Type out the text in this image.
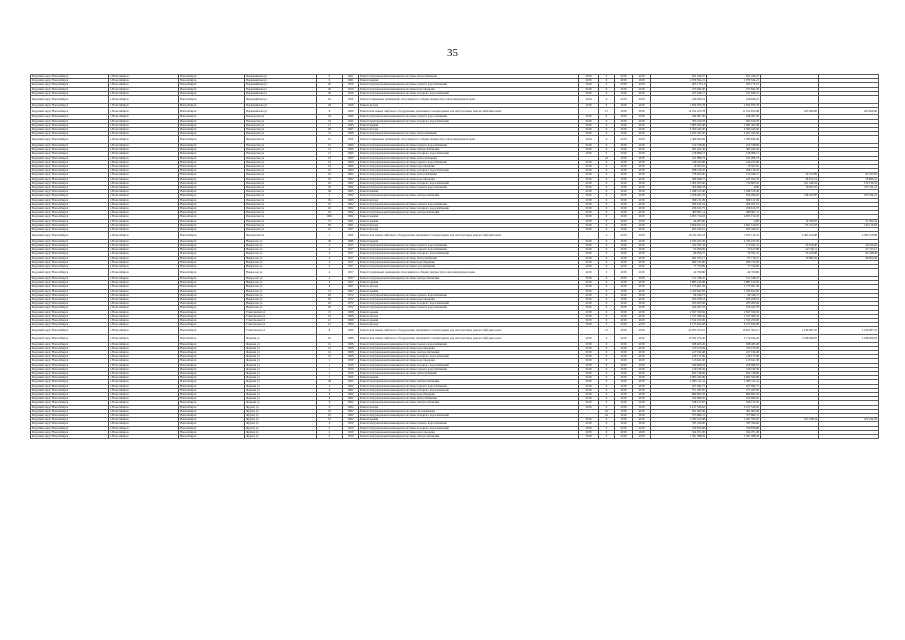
35
Бердский округ Новосибирск	г. Новосибирск	Новосибирск	Первомайская ул	9	1961	Ремонт внутридомовой инженерной системы теплоснабжения	2018	0	2018	2018	621 229,27	621 229,27		
Бердский округ Новосибирск	г. Новосибирск	Новосибирск	Первомайская ул	9	1961	Ремонт крыши	2018	0	2018	2018	1 970 324,21	1 970 324,21		
Бердский округ Новосибирск	г. Новосибирск	Новосибирск	Первомайская ул	20	1959	Ремонт внутридомовой инженерной системы горячего водоснабжения	2018	0	2018	2018	205 175,13	205 175,13		
Бердский округ Новосибирск	г. Новосибирск	Новосибирск	Первомайская ул	20	1959	Ремонт внутридомовой инженерной системы водоотведения	2018	0	2018	2018	275 842,30	275 842,30		
Бердский округ Новосибирск	г. Новосибирск	Новосибирск	Первомайская ул	20	1959	Ремонт внутридомовой инженерной системы холодного водоснабжения	2018	0	2018	2018	197 946,51	197 946,51		
Бердский округ Новосибирск	г. Новосибирск	Новосибирск	Первомайская ул	20	1959	Ремонт подвальных помещений, относящихся к общему имуществу в многоквартирном доме	2018	0	2018	2018	249 829,19	249 829,19		
Бердский округ Новосибирск	г. Новосибирск	Новосибирск	Первомайская ул	20	1959	Ремонт фасада	2018	0	2018	2018	1 832 955,78	1 832 955,78		
Бердский округ Новосибирск	г. Новосибирск	Новосибирск	Первомайская ул	6	1969	Ремонт или замена лифтового оборудования, признанного непригодным для эксплуатации, ремонт лифтовых шахт	-	2?	2018	2018	12 104 435,78	11 254 835,98	425 000,00	425 000,00
Бердский округ Новосибирск	г. Новосибирск	Новосибирск	Пионерская ул	24	1940	Ремонт внутридомовой инженерной системы горячего водоснабжения	2018	0	2018	2018	244 997,36	244 997,36		
Бердский округ Новосибирск	г. Новосибирск	Новосибирск	Пионерская ул	24	1940	Ремонт внутридомовой инженерной системы холодного водоснабжения	2018	0	2018	2018	395 910,78	395 910,78		
Бердский округ Новосибирск	г. Новосибирск	Новосибирск	Пионерская ул	17	1963	Ремонт крыши	2018	0	2018	2018	1 685 302,98	1 685 302,98		
Бердский округ Новосибирск	г. Новосибирск	Новосибирск	Пионерская ул	29	1967	Ремонт фасада	2018	0	2018	2018	2 360 445,96	2 360 445,96		
Бердский округ Новосибирск	г. Новосибирск	Новосибирск	Пионерская ул	31	1968	Ремонт внутридомовой инженерной системы теплоснабжения	2018	0	2018	2018	2 455 325,50	2 455 325,50		
Бердский округ Новосибирск	г. Новосибирск	Новосибирск	Пионерская ул	10	1959	Ремонт подвальных помещений, относящихся к общему имуществу в многоквартирном доме	2018	0	2018	2018	1 386 834,99	1 386 834,99		
Бердский округ Новосибирск	г. Новосибирск	Новосибирск	Пионерская ул	21	1960	Ремонт внутридомовой инженерной системы горячего водоснабжения	2018	0	2018	2018	215 728,99	215 728,99		
Бердский округ Новосибирск	г. Новосибирск	Новосибирск	Пионерская ул	21	1960	Ремонт внутридомовой инженерной системы электроснабжения	2018	0	2018	2018	365 422,36	365 422,36		
Бердский округ Новосибирск	г. Новосибирск	Новосибирск	Пионерская ул	21	1960	Ремонт внутридомовой инженерной системы холодного водоснабжения	2018	0	2018	2018	218 989,12	218 989,12		
Бердский округ Новосибирск	г. Новосибирск	Новосибирск	Пионерская ул	23	1960	Ремонт внутридомовой инженерной системы теплоснабжения	-	42	2018	2018	611 089,74	611 089,74		
Бердский округ Новосибирск	г. Новосибирск	Новосибирск	Пионерская ул	23	1960	Ремонт внутридомовой инженерной системы горячего водоснабжения	2018	0	2018	2018	146 225,66	146 225,66		
Бердский округ Новосибирск	г. Новосибирск	Новосибирск	Пионерская ул	23	1960	Ремонт внутридомовой инженерной системы водоотведения	2018	0	2018	2018	79 567,81	79 567,81		
Бердский округ Новосибирск	г. Новосибирск	Новосибирск	Пионерская ул	23	1960	Ремонт внутридомовой инженерной системы холодного водоснабжения	2018	0	2018	2018	208 156,70	208 156,70		
Бердский округ Новосибирск	г. Новосибирск	Новосибирск	Пионерская ул	45	1962	Ремонт внутридомовой инженерной системы теплоснабжения	2018	0	2018	2018	778 455,00	715 040,15	29 414,89	62 165,93
Бердский округ Новосибирск	г. Новосибирск	Новосибирск	Пионерская ул	45	1962	Ремонт внутридомовой инженерной системы водоотведения	2018	0	2018	2018	308 948,77	247 952,70	46 972,15	78 689,51
Бердский округ Новосибирск	г. Новосибирск	Новосибирск	Пионерская ул	45	1962	Ремонт внутридомовой инженерной системы холодного водоснабжения	2018	0	2018	2018	1 006 305,66	719 803,18	161 436,94	130 130,32
Бердский округ Новосибирск	г. Новосибирск	Новосибирск	Пионерская ул	45	1962	Ремонт внутридомовой инженерной системы горячего водоснабжения	2018	0	2018	2018	325 669,78	0,00	79 855,25	125 741,21
Бердский округ Новосибирск	г. Новосибирск	Новосибирск	Пионерская ул	49	1963	Ремонт крыши	2018	0	2018	2018	1 048 313,40	1 048 313,40		
Бердский округ Новосибирск	г. Новосибирск	Новосибирск	Пионерская ул	5	1962	Ремонт внутридомовой инженерной системы электроснабжения	2018	0	2018	2018	1 026 461,79	679 294,02	148 245,85	225 354,21
Бердский округ Новосибирск	г. Новосибирск	Новосибирск	Пионерская ул	35а	1965	Ремонт фасада	2018	0	2018	2018	389 131,09	389 131,09		
Бердский округ Новосибирск	г. Новосибирск	Новосибирск	Пионерская ул	16	1962	Ремонт внутридомовой инженерной системы горячего водоснабжения	2018	0	2018	2018	296 421,16	296 421,16		
Бердский округ Новосибирск	г. Новосибирск	Новосибирск	Пионерская ул	16	1962	Ремонт внутридомовой инженерной системы холодного водоснабжения	2018	0	2018	2018	236 615,75	236 615,75		
Бердский округ Новосибирск	г. Новосибирск	Новосибирск	Пионерская ул	16	1962	Ремонт внутридомовой инженерной системы электроснабжения	2018	0	2018	2018	480 901,11	480 901,11		
Бердский округ Новосибирск	г. Новосибирск	Новосибирск	Пионерская ул	1961	1961	Ремонт крыши	2018	0	2018	2018	4 953 712,63	4 953 712,63		
Бердский округ Новосибирск	г. Новосибирск	Новосибирск	Пионерская ул	51	1961	Ремонт крыши	2018	0	2018	2018	64 285,96	0,00	12 706,35	51 562,54
Бердский округ Новосибирск	г. Новосибирск	Новосибирск	Пионерская ул	69	1961	Ремонт фасада	2018	0	2018	2018	2 859 651,91	2 961 120,05	63 752,03	139 179,83
Бердский округ Новосибирск	г. Новосибирск	Новосибирск	Пионерская ул	91	1957	Ремонт фасада	2018	0	2018	2018	633 429,91	633 429,91		
Бердский округ Новосибирск	г. Новосибирск	Новосибирск	Пионерская ул	1	1990	Ремонт или замена лифтового оборудования, признанного непригодным для эксплуатации, ремонт лифтовых шахт	-	2	2018	2018	10 232 502,53	7 455 712,35	2 383 919,88	2 383 919,88
Бердский округ Новосибирск	г. Новосибирск	Новосибирск	Некрасова ул	26	1986	Ремонт крыши	2018	0	2018	2018	4 335 237,20	4 335 237,20		
Бердский округ Новосибирск	г. Новосибирск	Новосибирск	Некрасова ул	3	1957	Ремонт внутридомовой инженерной системы горячего водоснабжения	2018	0	2018	2018	222 781,34	175 941,21	20 618,40	46 259,02
Бердский округ Новосибирск	г. Новосибирск	Новосибирск	Некрасова ул	4	1957	Ремонт внутридомовой инженерной системы горячего водоснабжения	2018	0	2018	2018	97 296,09	75 617,08	22 158,11	47 743,13
Бердский округ Новосибирск	г. Новосибирск	Новосибирск	Некрасова ул	4	1957	Ремонт внутридомовой инженерной системы холодного водоснабжения	2018	0	2018	2018	86 056,77	76 791,23	53 235,08	62 348,49
Бердский округ Новосибирск	г. Новосибирск	Новосибирск	Некрасова ул	4	1957	Ремонт внутридомовой инженерной системы теплоснабжения	2018	0	2018	2018	281 193,17	87 710,21	70 892,02	68 600,39
Бердский округ Новосибирск	г. Новосибирск	Новосибирск	Некрасова ул	4	1957	Ремонт внутридомовой инженерной системы водоотведения	2018	0	2018	2018	266 735,00	266 735,00		
Бердский округ Новосибирск	г. Новосибирск	Новосибирск	Некрасова ул	4	1957	Ремонт внутридомовой инженерной системы газоснабжения	2018	0	2018	2018	77 750,99	77 750,99		
Бердский округ Новосибирск	г. Новосибирск	Новосибирск	Некрасова ул	4	1957	Ремонт подвальных помещений, относящихся к общему имуществу в многоквартирном доме	2018	0	2018	2018	42 769,86	42 769,86		
Бердский округ Новосибирск	г. Новосибирск	Новосибирск	Некрасова ул	4	1957	Ремонт внутридомовой инженерной системы электроснабжения	2018	0	2018	2018	151 538,47	151 538,47		
Бердский округ Новосибирск	г. Новосибирск	Новосибирск	Некрасова ул	4	1957	Ремонт крыши	2018	0	2018	2018	3 883 143,09	3 883 143,09		
Бердский округ Новосибирск	г. Новосибирск	Новосибирск	Некрасова ул	8	1967	Ремонт фасада	2018	0	2018	2018	1 175 961,58	1 175 961,58		
Бердский округ Новосибирск	г. Новосибирск	Новосибирск	Некрасова ул	13	1967	Ремонт крыши	2018	0	2018	2018	1 350 622,85	1 350 622,85		
Бердский округ Новосибирск	г. Новосибирск	Новосибирск	Некрасова ул	20	1972	Ремонт внутридомовой инженерной системы горячего водоснабжения	2018	0	2018	2018	96 346,73	96 346,73		
Бердский округ Новосибирск	г. Новосибирск	Новосибирск	Некрасова ул	20	1972	Ремонт внутридомовой инженерной системы водоотведения	2018	0	2018	2018	183 478,53	183 478,53		
Бердский округ Новосибирск	г. Новосибирск	Новосибирск	Некрасова ул	20	1972	Ремонт внутридомовой инженерной системы холодного водоснабжения	2018	0	2018	2018	203 263,09	203 263,09		
Бердский округ Новосибирск	г. Новосибирск	Новосибирск	Некрасова ул	20	1972	Ремонт внутридомовой инженерной системы горячего водоснабжения	2018	0	2018	2018	160 447,78	160 447,78		
Бердский округ Новосибирск	г. Новосибирск	Новосибирск	Учительская ул	15	1968	Ремонт крыши	2018	0	2018	2018	2 567 359,56	2 567 359,56		
Бердский округ Новосибирск	г. Новосибирск	Новосибирск	Учительская ул	16	1968	Ремонт фасада	2018	0	2018	2018	1 517 496,42	1 517 496,42		
Бердский округ Новосибирск	г. Новосибирск	Новосибирск	Учительская ул	21	1960	Ремонт крыши	2018	0	2018	2018	1 532 250,90	1 532 250,90		
Бердский округ Новосибирск	г. Новосибирск	Новосибирск	Учительская ул	21	1960	Ремонт фасада	2018	0	2018	2018	4 155 654,68	4 155 654,68		
Бердский округ Новосибирск	г. Новосибирск	Новосибирск	Учительская ул	8	1990	Ремонт или замена лифтового оборудования, признанного непригодным для эксплуатации, ремонт лифтовых шахт	-	2?	2018	2018	22 205 355,61	14 851 394,13	2 196 987,25	2 196 987,25
Бердский округ Новосибирск	г. Новосибирск	Новосибирск	Фадеева ул	81	1988	Ремонт или замена лифтового оборудования, признанного непригодным для эксплуатации, ремонт лифтовых шахт	2018	0	2018	2018	10 592 479,30	5 716 054,26	2 438 090,83	2 438 090,83
Бердский округ Новосибирск	г. Новосибирск	Новосибирск	Фадеева ул	21	1968	Ремонт внутридомовой инженерной системы горячего водоснабжения	2018	0	2018	2018	368 405,20	368 405,20		
Бердский округ Новосибирск	г. Новосибирск	Новосибирск	Фадеева ул	21	1968	Ремонт внутридомовой инженерной системы водоотведения	2018	0	2018	2018	313 153,09	313 153,09		
Бердский округ Новосибирск	г. Новосибирск	Новосибирск	Фадеева ул	21	1968	Ремонт внутридомовой инженерной системы электроснабжения	2018	0	2018	2018	417 199,48	417 199,48		
Бердский округ Новосибирск	г. Новосибирск	Новосибирск	Фадеева ул	21	1968	Ремонт внутридомовой инженерной системы холодного водоснабжения	2018	0	2018	2018	216 177,96	216 177,96		
Бердский округ Новосибирск	г. Новосибирск	Новосибирск	Фадеева ул	1	1959	Ремонт внутридомовой инженерной системы водоотведения	2018	0	2018	2018	113 621,30	113 621,30		
Бердский округ Новосибирск	г. Новосибирск	Новосибирск	Фадеева ул	1	1959	Ремонт внутридомовой инженерной системы холодного водоснабжения	2018	0	2018	2018	296 969,63	296 969,63		
Бердский округ Новосибирск	г. Новосибирск	Новосибирск	Фадеева ул	1	1959	Ремонт внутридомовой инженерной системы горячего водоснабжения	2018	0	2018	2018	130 196,39	130 196,39		
Бердский округ Новосибирск	г. Новосибирск	Новосибирск	Фадеева ул	1	1959	Ремонт внутридомовой инженерной системы теплоснабжения	2018	0	2018	2018	852 728,66	852 728,66		
Бердский округ Новосибирск	г. Новосибирск	Новосибирск	Фадеева ул	1	1959	Ремонт крыши	2018	0	2018	2018	2 003 343,89	2 003 343,89		
Бердский округ Новосибирск	г. Новосибирск	Новосибирск	Фадеева ул	28	1962	Ремонт внутридомовой инженерной системы электроснабжения	2018	0	2018	2018	1 985 111,41	1 985 111,41		
Бердский округ Новосибирск	г. Новосибирск	Новосибирск	Фадеева ул	5	1962	Ремонт внутридомовой инженерной системы горячего водоснабжения	2018	0	2018	2018	427 992,71	427 992,71		
Бердский округ Новосибирск	г. Новосибирск	Новосибирск	Фадеева ул	6	1962	Ремонт внутридомовой инженерной системы холодного водоснабжения	2018	0	2018	2018	771 447,95	771 447,95		
Бердский округ Новосибирск	г. Новосибирск	Новосибирск	Фадеева ул	6	1962	Ремонт внутридомовой инженерной системы водоотведения	2018	0	2018	2018	866 695,59	866 695,59		
Бердский округ Новосибирск	г. Новосибирск	Новосибирск	Фадеева ул	6	1962	Ремонт внутридомовой инженерной системы теплоснабжения	2018	0	2018	2018	164 890,95	164 890,95		
Бердский округ Новосибирск	г. Новосибирск	Новосибирск	Фадеева ул	6	1962	Ремонт внутридомовой инженерной системы электроснабжения	2018	0	2018	2018	528 157,65	528 157,65		
Бердский округ Новосибирск	г. Новосибирск	Новосибирск	Фрунзе ул	9	1964	Ремонт фасада	2018	0	2018	2018	2 127 545,62	2 127 545,62		
Бердский округ Новосибирск	г. Новосибирск	Новосибирск	Фрунзе ул	10	1962	Ремонт внутридомовой инженерной системы газоснабжения	-	42	2018	2018	361 965,66	361 965,66		
Бердский округ Новосибирск	г. Новосибирск	Новосибирск	Фрунзе ул	10	1962	Ремонт внутридомовой инженерной системы холодного водоснабжения	-	42	2018	2018	375 864,31	375 864,31		
Бердский округ Новосибирск	г. Новосибирск	Новосибирск	Фрунзе ул	10	1962	Ремонт крыши	2018	0	2018	2018	1 285 015,98	1 047 783,97	237 238,54	452 224,39
Бердский округ Новосибирск	г. Новосибирск	Новосибирск	Фрунзе ул	2	1959	Ремонт внутридомовой инженерной системы горячего водоснабжения	2018	0	2018	2018	335 356,00	335 356,00		
Бердский округ Новосибирск	г. Новосибирск	Новосибирск	Фрунзе ул	2	1959	Ремонт внутридомовой инженерной системы холодного водоснабжения	2018	0	2018	2018	359 879,68	359 879,68		
Бердский округ Новосибирск	г. Новосибирск	Новосибирск	Фрунзе ул	2	1959	Ремонт внутридомовой инженерной системы водоотведения	2018	0	2018	2018	324 071,00	324 071,00		
Бердский округ Новосибирск	г. Новосибирск	Новосибирск	Фрунзе ул	2	1959	Ремонт внутридомовой инженерной системы электроснабжения	2018	0	2018	2018	1 561 308,94	1 561 308,94		
